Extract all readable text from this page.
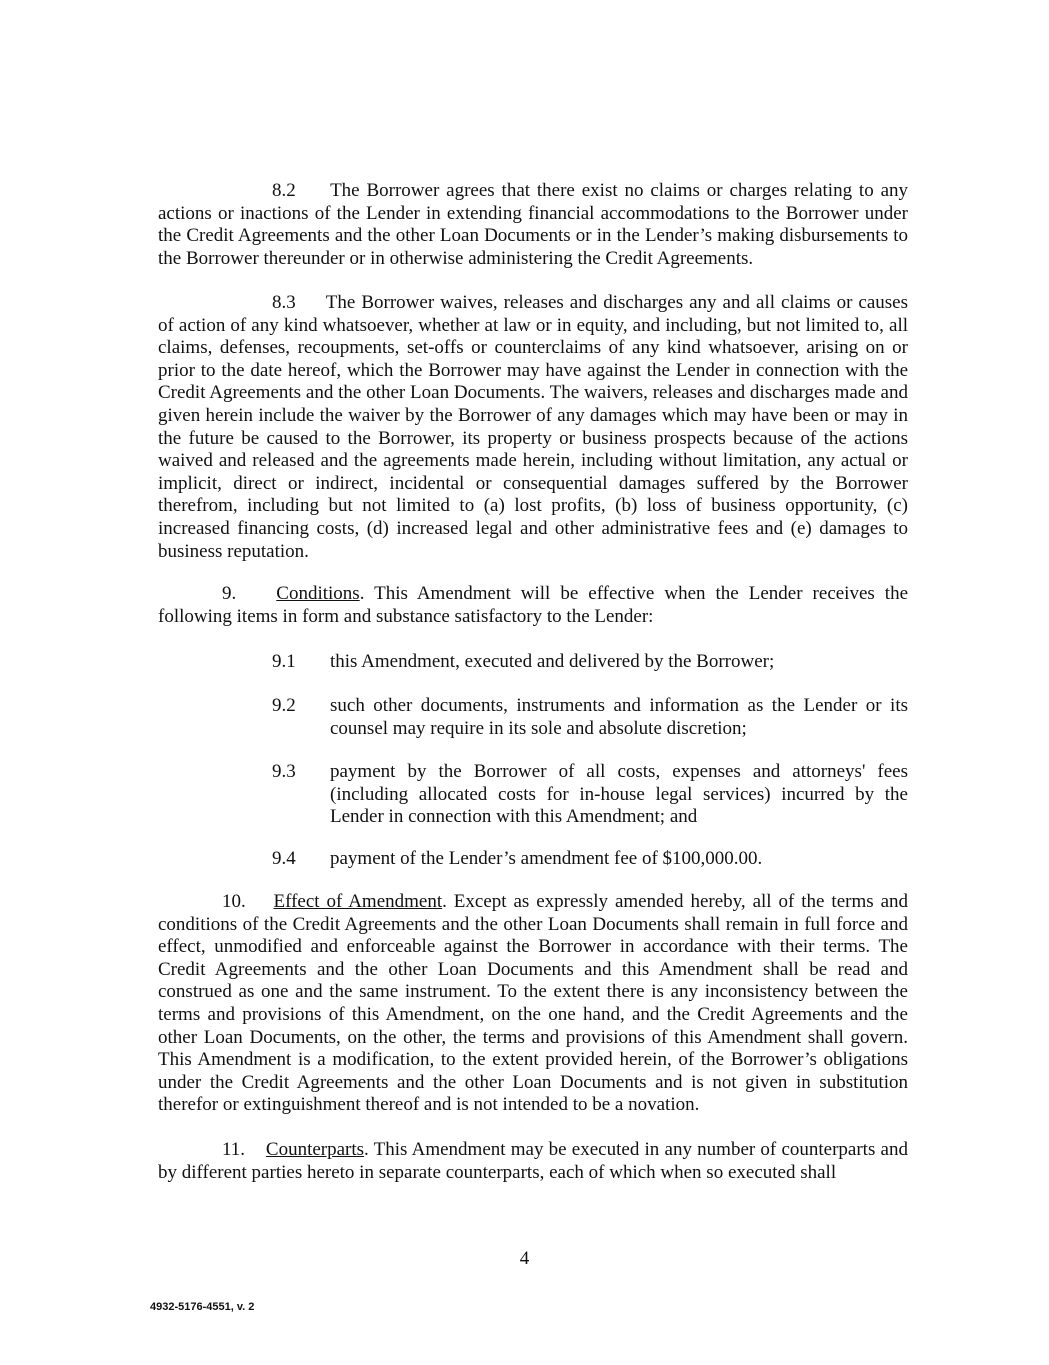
8.2 The Borrower agrees that there exist no claims or charges relating to any actions or inactions of the Lender in extending financial accommodations to the Borrower under the Credit Agreements and the other Loan Documents or in the Lender’s making disbursements to the Borrower thereunder or in otherwise administering the Credit Agreements.

8.3 The Borrower waives, releases and discharges any and all claims or causes of action of any kind whatsoever, whether at law or in equity, and including, but not limited to, all claims, defenses, recoupments, set-offs or counterclaims of any kind whatsoever, arising on or prior to the date hereof, which the Borrower may have against the Lender in connection with the Credit Agreements and the other Loan Documents. The waivers, releases and discharges made and given herein include the waiver by the Borrower of any damages which may have been or may in the future be caused to the Borrower, its property or business prospects because of the actions waived and released and the agreements made herein, including without limitation, any actual or implicit, direct or indirect, incidental or consequential damages suffered by the Borrower therefrom, including but not limited to (a) lost profits, (b) loss of business opportunity, (c) increased financing costs, (d) increased legal and other administrative fees and (e) damages to business reputation.

9. Conditions. This Amendment will be effective when the Lender receives the following items in form and substance satisfactory to the Lender:

9.1 this Amendment, executed and delivered by the Borrower;
9.2 such other documents, instruments and information as the Lender or its counsel may require in its sole and absolute discretion;
9.3 payment by the Borrower of all costs, expenses and attorneys' fees (including allocated costs for in-house legal services) incurred by the Lender in connection with this Amendment; and
9.4 payment of the Lender’s amendment fee of $100,000.00.

10. Effect of Amendment. Except as expressly amended hereby, all of the terms and conditions of the Credit Agreements and the other Loan Documents shall remain in full force and effect, unmodified and enforceable against the Borrower in accordance with their terms. The Credit Agreements and the other Loan Documents and this Amendment shall be read and construed as one and the same instrument. To the extent there is any inconsistency between the terms and provisions of this Amendment, on the one hand, and the Credit Agreements and the other Loan Documents, on the other, the terms and provisions of this Amendment shall govern. This Amendment is a modification, to the extent provided herein, of the Borrower’s obligations under the Credit Agreements and the other Loan Documents and is not given in substitution therefor or extinguishment thereof and is not intended to be a novation.

11. Counterparts. This Amendment may be executed in any number of counterparts and by different parties hereto in separate counterparts, each of which when so executed shall

4
4932-5176-4551, v. 2
